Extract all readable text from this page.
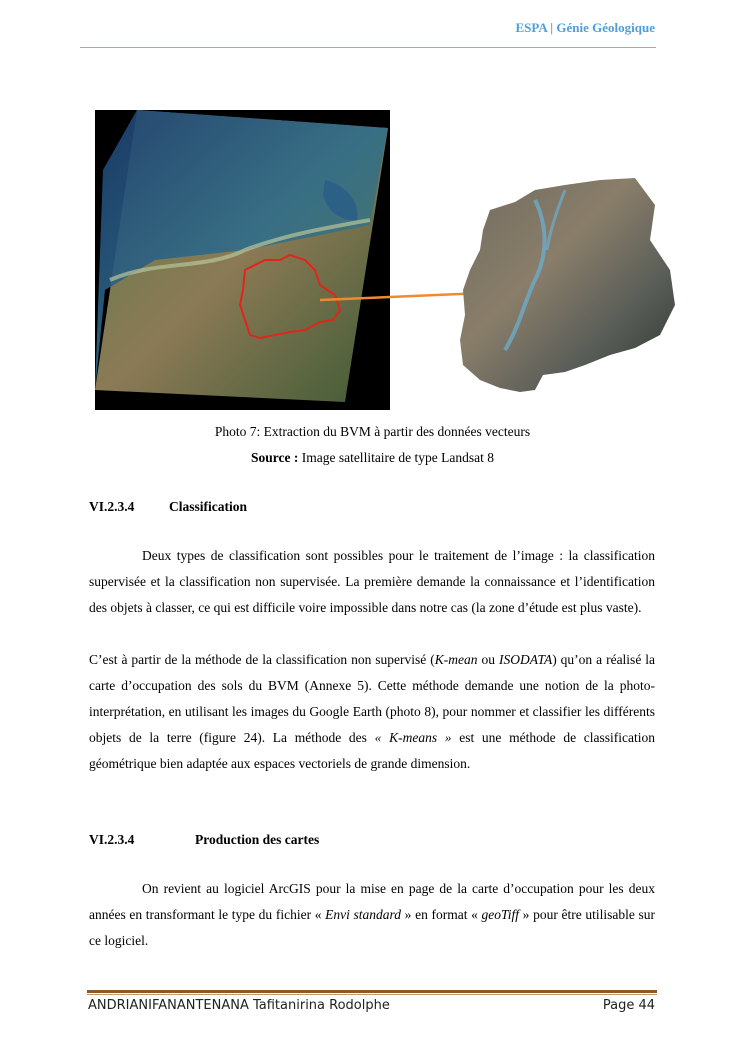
ESPA | Génie Géologique
Photo 7: Extraction du BVM à partir des données vecteurs
Source : Image satellitaire de type Landsat 8
VI.2.3.4	Classification
Deux types de classification sont possibles pour le traitement de l’image : la classification supervisée et la classification non supervisée. La première demande la connaissance et l’identification des objets à classer, ce qui est difficile voire impossible dans notre cas (la zone d’étude est plus vaste).
C’est à partir de la méthode de la classification non supervisé (K-mean ou ISODATA) qu’on a réalisé la carte d’occupation des sols du BVM (Annexe 5). Cette méthode demande une notion de la photo-interprétation, en utilisant les images du Google Earth (photo 8), pour nommer et classifier les différents objets de la terre (figure 24). La méthode des « K-means » est une méthode de classification géométrique bien adaptée aux espaces vectoriels de grande dimension.
VI.2.3.4	Production des cartes
On revient au logiciel ArcGIS pour la mise en page de la carte d’occupation pour les deux années en transformant le type du fichier « Envi standard » en format « geoTiff » pour être utilisable sur ce logiciel.
ANDRIANIFANANTENANA Tafitanirina Rodolphe	Page 44
